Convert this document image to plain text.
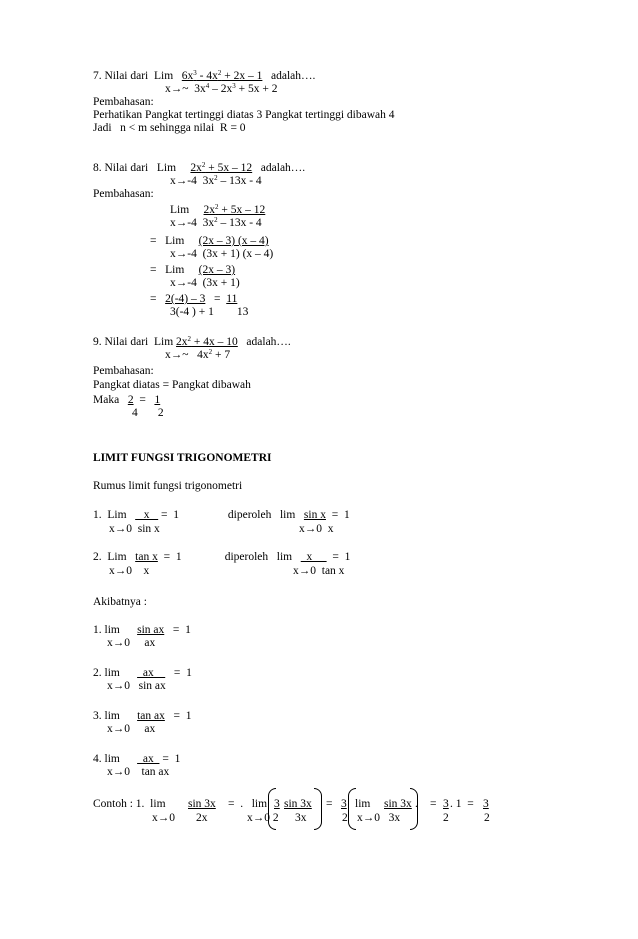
7. Nilai dari  Lim   $6x^3 - 4x^2 + 2x - 1$   adalah….
x→~  $3x^4 - 2x^3 + 5x + 2$
Pembahasan:
Perhatikan Pangkat tertinggi diatas 3 Pangkat tertinggi dibawah 4
Jadi   n < m sehingga nilai  R = 0
8. Nilai dari   Lim     $2x^2 + 5x - 12$   adalah….
x→-4  $3x^2 - 13x - 4$
Pembahasan:
Lim     $2x^2 + 5x - 12$
x→-4  $3x^2 - 13x - 4$
=   Lim     (2x – 3) (x – 4)
x→-4  (3x + 1) (x – 4)
=   Lim     (2x – 3)
x→-4  (3x + 1)
=   2(-4) – 3   =  11
3(-4 ) + 1        13
9. Nilai dari  Lim $2x^2 + 4x - 10$   adalah….
x→~   $4x^2 + 7$
Pembahasan:
Pangkat diatas = Pangkat dibawah
Maka   2  =   1
4       2
LIMIT FUNGSI TRIGONOMETRI
Rumus limit fungsi trigonometri
1.  Lim      x    =  1                 diperoleh   lim   sin x  =  1
x→0  sin x	x→0  x
2.  Lim   tan x  =  1               diperoleh   lim     x       =  1
x→0    x	x→0  tan x
Akibatnya :
1. lim      sin ax   =  1
x→0     ax
2. lim        ax       =  1
x→0   sin ax
3. lim      tan ax   =  1
x→0     ax
4. lim        ax   =  1
x→0    tan ax
Contoh : 1.  lim sin 3x =  .   lim 3 sin 3x = 3 lim sin 3x . = 3 . 1  = 3
x→0 2x	x→0 2 3x	2 x→0   3x	2	2
